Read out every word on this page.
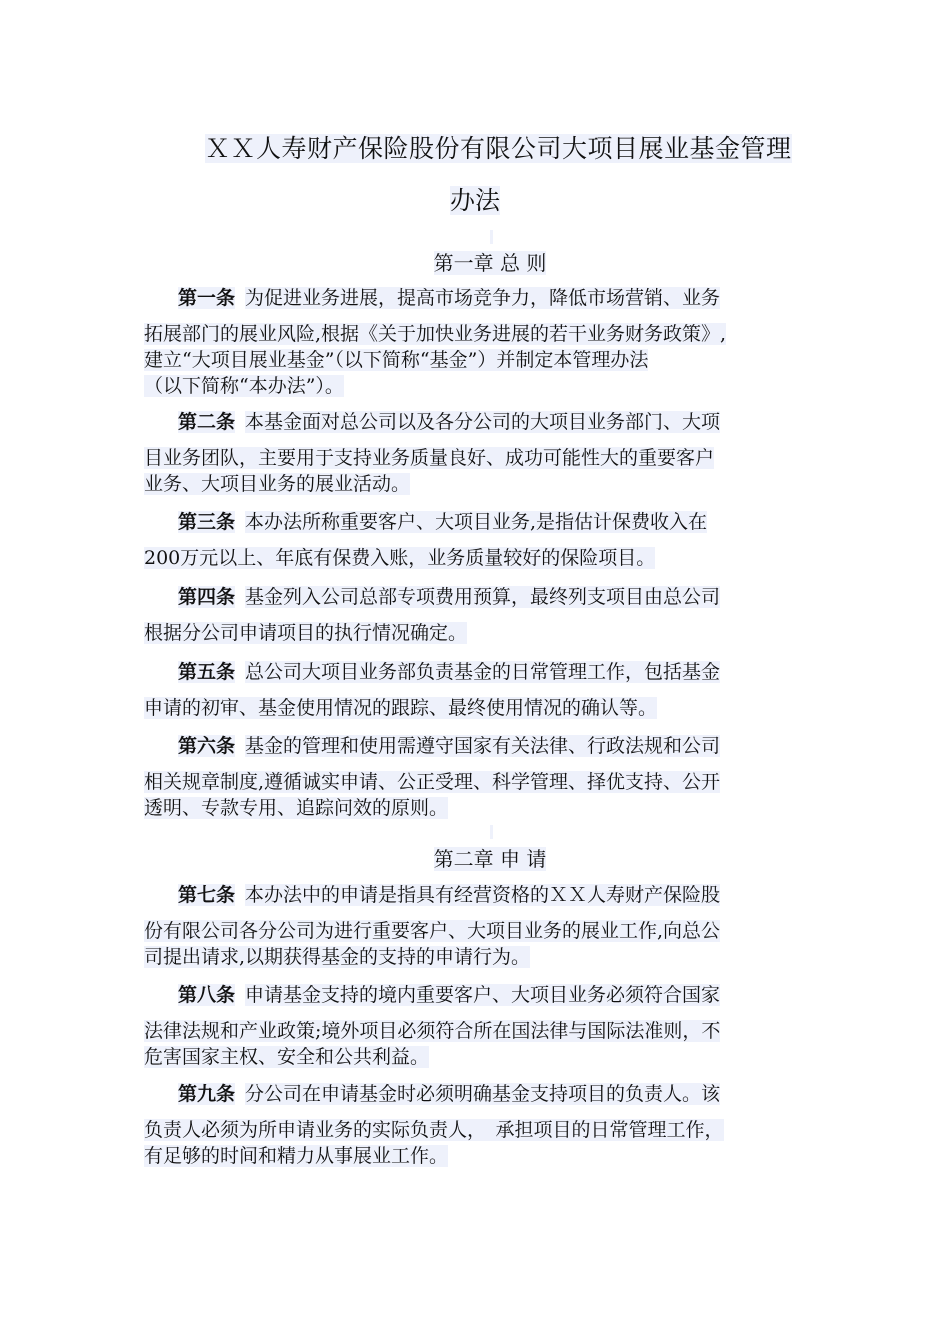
ＸＸ人寿财产保险股份有限公司大项目展业基金管理
办法
第一章 总 则
第一条 为促进业务进展，提高市场竞争力，降低市场营销、业务
拓展部门的展业风险,根据《关于加快业务进展的若干业务财务政策》,
建立“大项目展业基金”（以下简称“基金”）并制定本管理办法
（以下简称“本办法”）。
第二条 本基金面对总公司以及各分公司的大项目业务部门、大项
目业务团队，主要用于支持业务质量良好、成功可能性大的重要客户
业务、大项目业务的展业活动。
第三条 本办法所称重要客户、大项目业务,是指估计保费收入在
200万元以上、年底有保费入账，业务质量较好的保险项目。
第四条 基金列入公司总部专项费用预算，最终列支项目由总公司
根据分公司申请项目的执行情况确定。
第五条 总公司大项目业务部负责基金的日常管理工作，包括基金
申请的初审、基金使用情况的跟踪、最终使用情况的确认等。
第六条 基金的管理和使用需遵守国家有关法律、行政法规和公司
相关规章制度,遵循诚实申请、公正受理、科学管理、择优支持、公开
透明、专款专用、追踪问效的原则。
第二章 申 请
第七条 本办法中的申请是指具有经营资格的ＸＸ人寿财产保险股
份有限公司各分公司为进行重要客户、大项目业务的展业工作,向总公
司提出请求,以期获得基金的支持的申请行为。
第八条 申请基金支持的境内重要客户、大项目业务必须符合国家
法律法规和产业政策;境外项目必须符合所在国法律与国际法准则，不
危害国家主权、安全和公共利益。
第九条 分公司在申请基金时必须明确基金支持项目的负责人。该
负责人必须为所申请业务的实际负责人，　承担项目的日常管理工作，
有足够的时间和精力从事展业工作。
